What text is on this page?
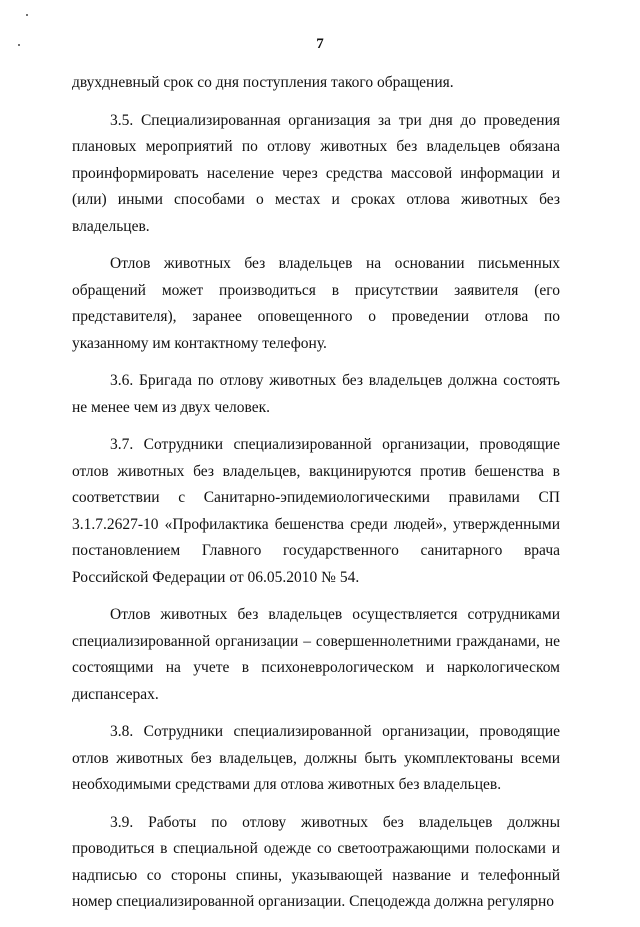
7

двухдневный срок со дня поступления такого обращения.

3.5. Специализированная организация за три дня до проведения плановых мероприятий по отлову животных без владельцев обязана проинформировать население через средства массовой информации и (или) иными способами о местах и сроках отлова животных без владельцев.

Отлов животных без владельцев на основании письменных обращений может производиться в присутствии заявителя (его представителя), заранее оповещенного о проведении отлова по указанному им контактному телефону.

3.6. Бригада по отлову животных без владельцев должна состоять не менее чем из двух человек.

3.7. Сотрудники специализированной организации, проводящие отлов животных без владельцев, вакцинируются против бешенства в соответствии с Санитарно-эпидемиологическими правилами СП 3.1.7.2627-10 «Профилактика бешенства среди людей», утвержденными постановлением Главного государственного санитарного врача Российской Федерации от 06.05.2010 № 54.

Отлов животных без владельцев осуществляется сотрудниками специализированной организации – совершеннолетними гражданами, не состоящими на учете в психоневрологическом и наркологическом диспансерах.

3.8. Сотрудники специализированной организации, проводящие отлов животных без владельцев, должны быть укомплектованы всеми необходимыми средствами для отлова животных без владельцев.

3.9. Работы по отлову животных без владельцев должны проводиться в специальной одежде со светоотражающими полосками и надписью со стороны спины, указывающей название и телефонный номер специализированной организации. Спецодежда должна регулярно
